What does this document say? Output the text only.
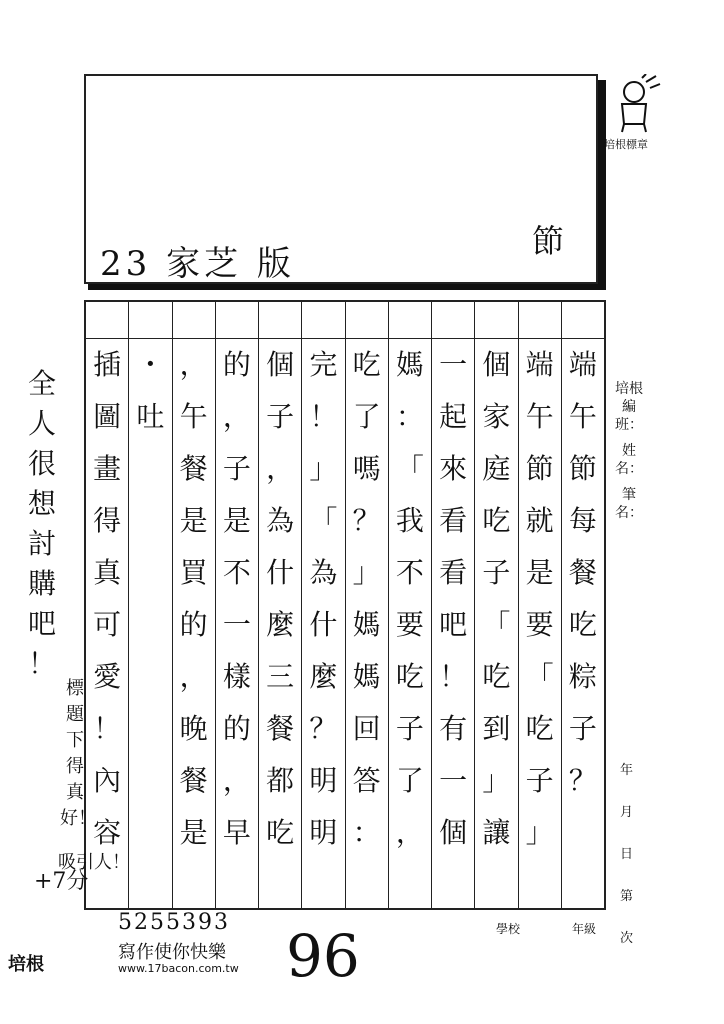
23 家芝 版
節
培根標章
端
午
節
每
餐
吃
粽
子
？
端
午
節
就
是
要
「
吃
子
」
個
家
庭
吃
子
「
吃
到
」
讓
一
起
來
看
看
吧
！
有
一
個
媽
：
「
我
不
要
吃
子
了
，
吃
了
嗎
？
」
媽
媽
回
答
：
完
！
」
「
為
什
麼
？
明
明
個
子
，
為
什
麼
三
餐
都
吃
的
，
子
是
不
一
樣
的
，
早
，
午
餐
是
買
的
，
晚
餐
是
・
吐
插
圖
畫
得
真
可
愛
！
內
容
培根編班：
姓名：
筆名：
年
月
日
第
次
學校	年級
全
人
很
想
討
購
吧
！
標題下得真好！
+7分
吸引人！
培根
5255393
寫作使你快樂
www.17bacon.com.tw 96
